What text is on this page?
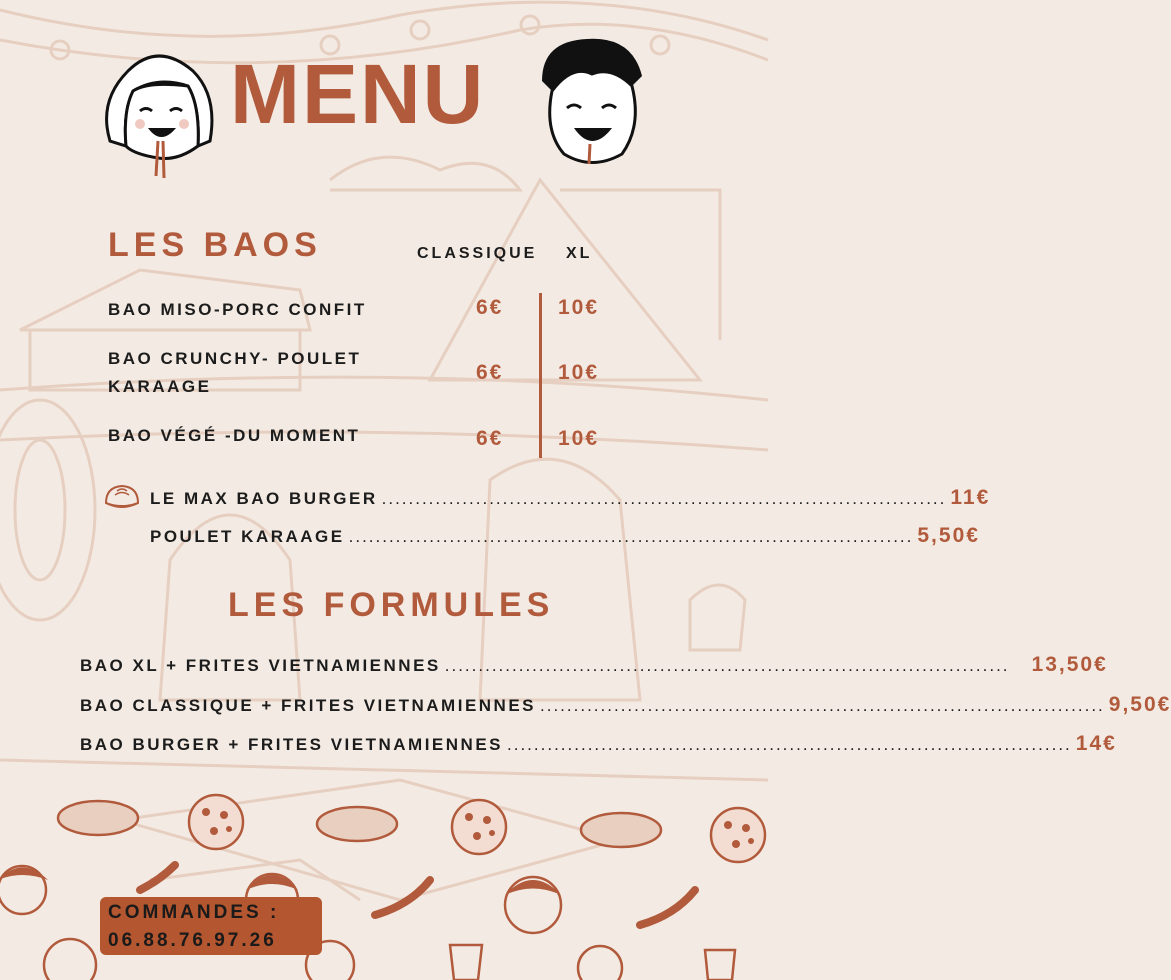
MENU
LES BAOS	CLASSIQUE XL
BAO MISO-PORC CONFIT	6€	10€
BAO CRUNCHY- POULET
KARAAGE
6€	10€
BAO VÉGÉ -DU MOMENT	6€	10€
LE MAX BAO BURGER .................................................................................... 11€
POULET KARAAGE .................................................................................... 5,50€
LES FORMULES
BAO XL + FRITES VIETNAMIENNES .................................................................................... 13,50€
BAO CLASSIQUE + FRITES VIETNAMIENNES .................................................................................... 9,50€
BAO BURGER + FRITES VIETNAMIENNES .................................................................................... 14€
COMMANDES :
06.88.76.97.26
